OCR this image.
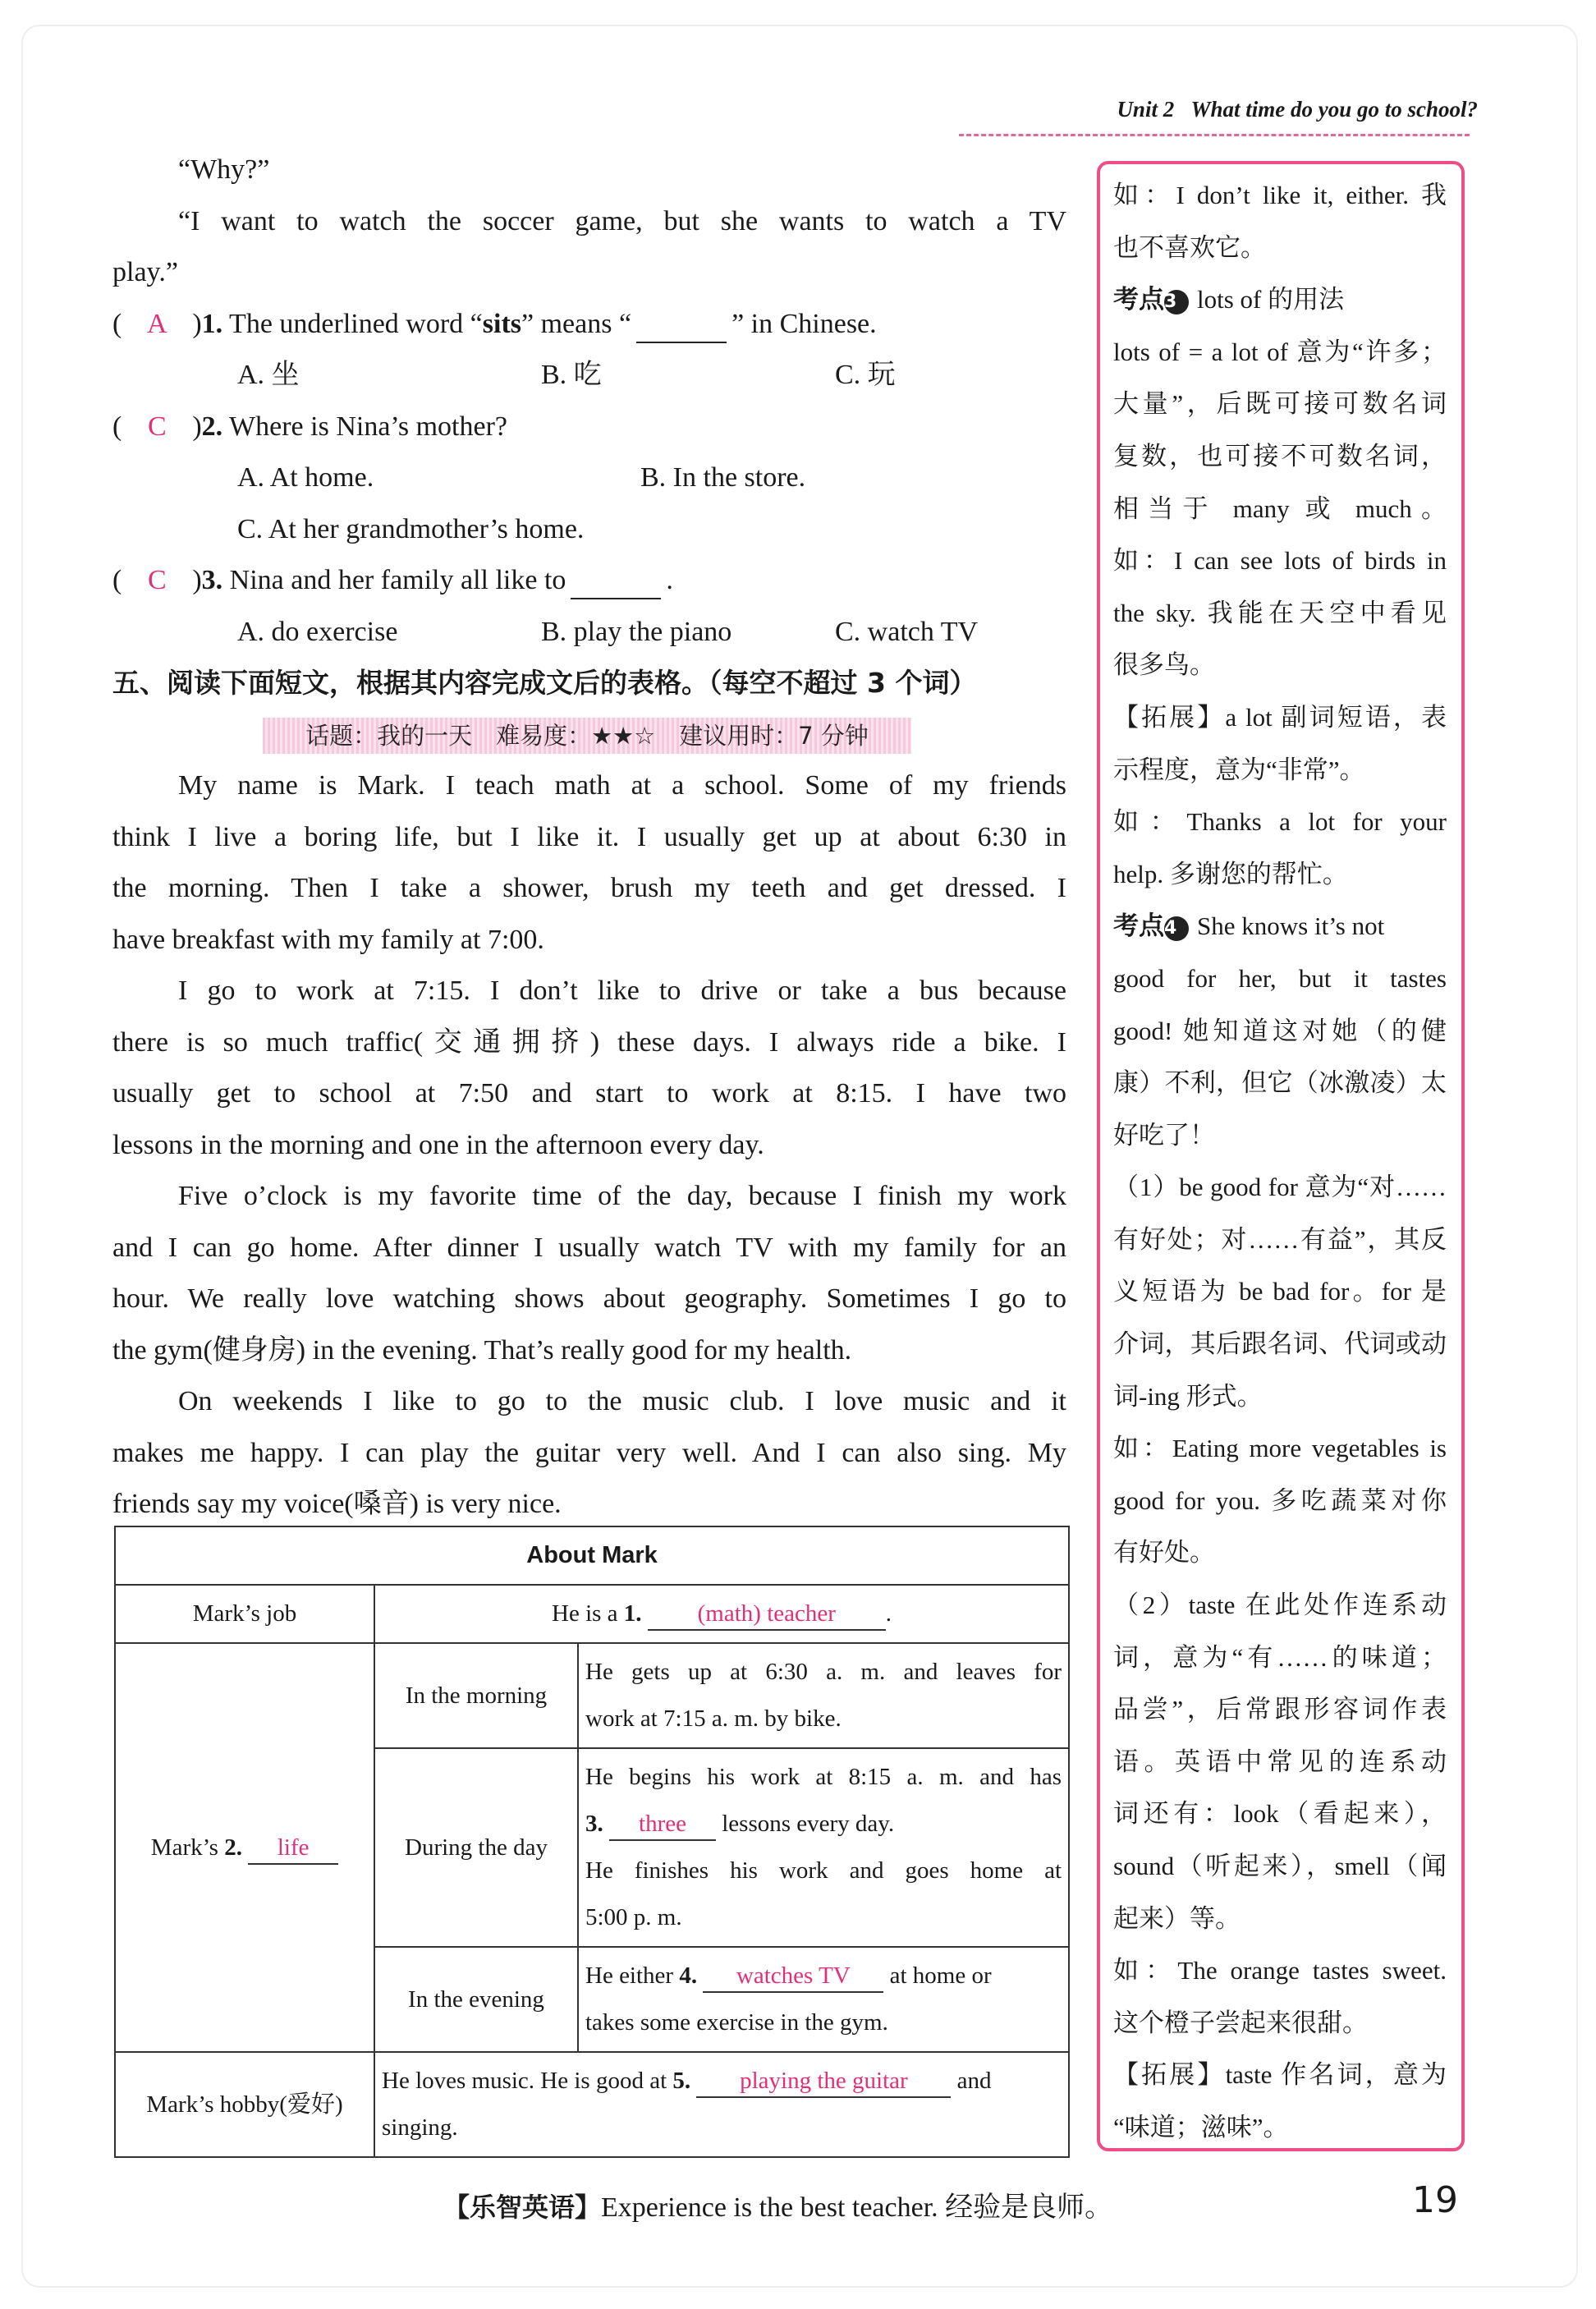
Unit 2 What time do you go to school?
“Why?”
“I want to watch the soccer game, but she wants to watch a TV
play.”
( A )1. The underlined word “sits” means “	” in Chinese.
A. 坐	B. 吃	C. 玩
( C )2. Where is Nina’s mother?
A. At home.	B. In the store.
C. At her grandmother’s home.
( C )3. Nina and her family all like to	.
A. do exercise	B. play the piano	C. watch TV
五、阅读下面短文，根据其内容完成文后的表格。（每空不超过 3 个词）
话题：我的一天　难易度：★★☆　建议用时：7 分钟
My name is Mark. I teach math at a school. Some of my friends
think I live a boring life, but I like it. I usually get up at about 6:30 in
the morning. Then I take a shower, brush my teeth and get dressed. I
have breakfast with my family at 7:00.
I go to work at 7:15. I don’t like to drive or take a bus because
there is so much traffic(交通拥挤) these days. I always ride a bike. I
usually get to school at 7:50 and start to work at 8:15. I have two
lessons in the morning and one in the afternoon every day.
Five o’clock is my favorite time of the day, because I finish my work
and I can go home. After dinner I usually watch TV with my family for an
hour. We really love watching shows about geography. Sometimes I go to
the gym(健身房) in the evening. That’s really good for my health.
On weekends I like to go to the music club. I love music and it
makes me happy. I can play the guitar very well. And I can also sing. My
friends say my voice(嗓音) is very nice.
About Mark		
Mark’s job	He is a 1. (math) teacher .	
Mark’s 2. life	In the morning	He gets up at 6:30 a. m. and leaves for
work at 7:15 a. m. by bike.

	During the day	He begins his work at 8:15 a. m. and has
3. three lessons every day.
He finishes his work and goes home at
5:00 p. m.

	In the evening	He either 4. watches TV at home or
takes some exercise in the gym.

Mark’s hobby(爱好)	He loves music. He is good at 5. playing the guitar and
singing.	
如：I don’t like it, either. 我
也不喜欢它。
考点3 lots of 的用法
lots of = a lot of 意为“许多；
大量”，后既可接可数名词
复数，也可接不可数名词，
相当于 many 或 much。
如：I can see lots of birds in
the sky. 我能在天空中看见
很多鸟。
【拓展】a lot 副词短语，表
示程度，意为“非常”。
如：Thanks a lot for your
help. 多谢您的帮忙。
考点4 She knows it’s not
good for her, but it tastes
good! 她知道这对她（的健
康）不利，但它（冰激凌）太
好吃了！
（1）be good for 意为“对……
有好处；对……有益”，其反
义短语为 be bad for。for 是
介词，其后跟名词、代词或动
词-ing 形式。
如：Eating more vegetables is
good for you. 多吃蔬菜对你
有好处。
（2）taste 在此处作连系动
词，意为“有……的味道；
品尝”，后常跟形容词作表
语。英语中常见的连系动
词还有：look（看起来），
sound（听起来），smell（闻
起来）等。
如：The orange tastes sweet.
这个橙子尝起来很甜。
【拓展】taste 作名词，意为
“味道；滋味”。
【乐智英语】Experience is the best teacher. 经验是良师。	19
